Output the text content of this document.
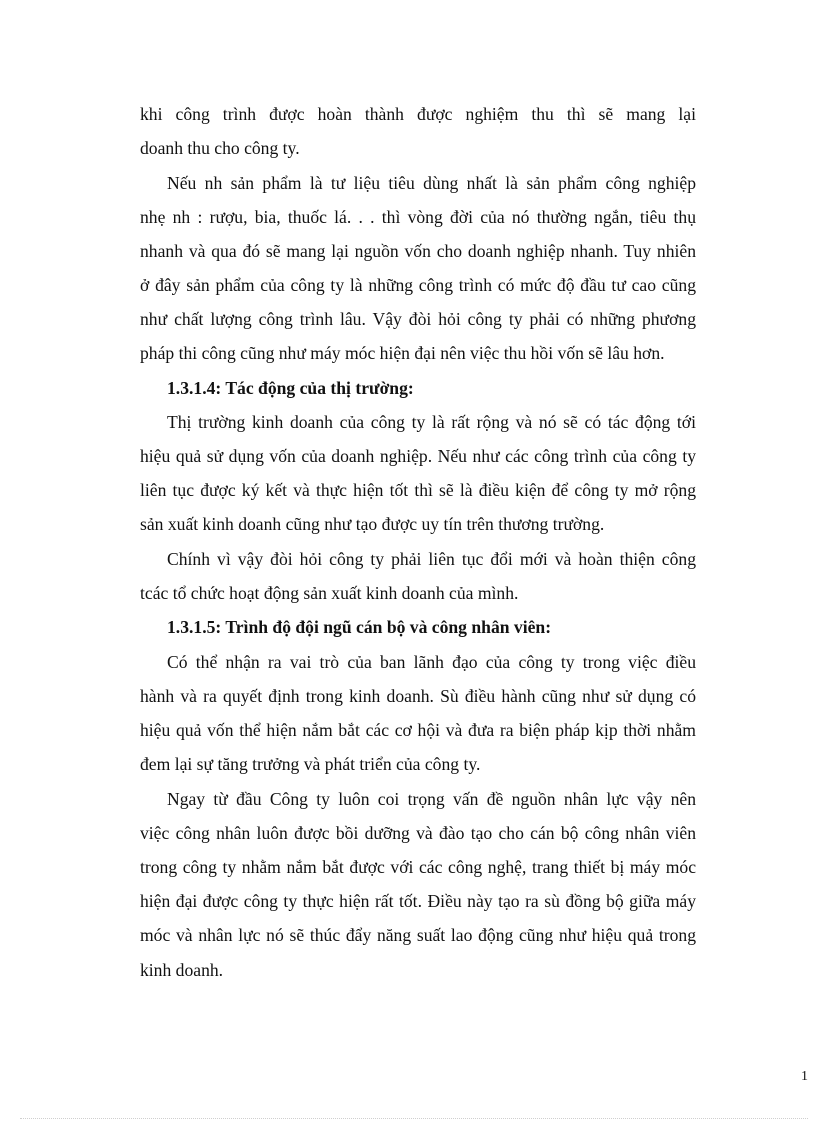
khi công trình được hoàn thành được nghiệm thu thì sẽ mang lại
doanh thu cho công ty.
Nếu nh sản phẩm là tư liệu tiêu dùng nhất là sản phẩm công nghiệp
nhẹ nh : rượu, bia, thuốc lá. . . thì vòng đời của nó thường ngắn, tiêu thụ
nhanh và qua đó sẽ mang lại nguồn vốn cho doanh nghiệp nhanh. Tuy nhiên
ở đây sản phẩm của công ty là những công trình có mức độ đầu tư cao cũng
như chất lượng công trình lâu. Vậy đòi hỏi công ty phải có những phương
pháp thi công cũng như máy móc hiện đại nên việc thu hồi vốn sẽ lâu hơn.
1.3.1.4: Tác động của thị trường:
Thị trường kinh doanh của công ty là rất rộng và nó sẽ có tác động tới
hiệu quả sử dụng vốn của doanh nghiệp. Nếu như các công trình của công ty
liên tục được ký kết và thực hiện tốt thì sẽ là điều kiện để công ty mở rộng
sản xuất kinh doanh cũng như tạo được uy tín trên thương trường.
Chính vì vậy đòi hỏi công ty phải liên tục đổi mới và hoàn thiện công
tcác tổ chức hoạt động sản xuất kinh doanh của mình.
1.3.1.5: Trình độ đội ngũ cán bộ và công nhân viên:
Có thể nhận ra vai trò của ban lãnh đạo của công ty trong việc điều
hành và ra quyết định trong kinh doanh. Sù điều hành cũng như sử dụng có
hiệu quả vốn thể hiện nắm bắt các cơ hội và đưa ra biện pháp kịp thời nhằm
đem lại sự tăng trưởng và phát triển của công ty.
Ngay từ đầu Công ty luôn coi trọng vấn đề nguồn nhân lực vậy nên
việc công nhân luôn được bồi dưỡng và đào tạo cho cán bộ công nhân viên
trong công ty nhằm nắm bắt được với các công nghệ, trang thiết bị máy móc
hiện đại được công ty thực hiện rất tốt. Điều này tạo ra sù đồng bộ giữa máy
móc và nhân lực nó sẽ thúc đẩy năng suất lao động cũng như hiệu quả trong
kinh doanh.
1
